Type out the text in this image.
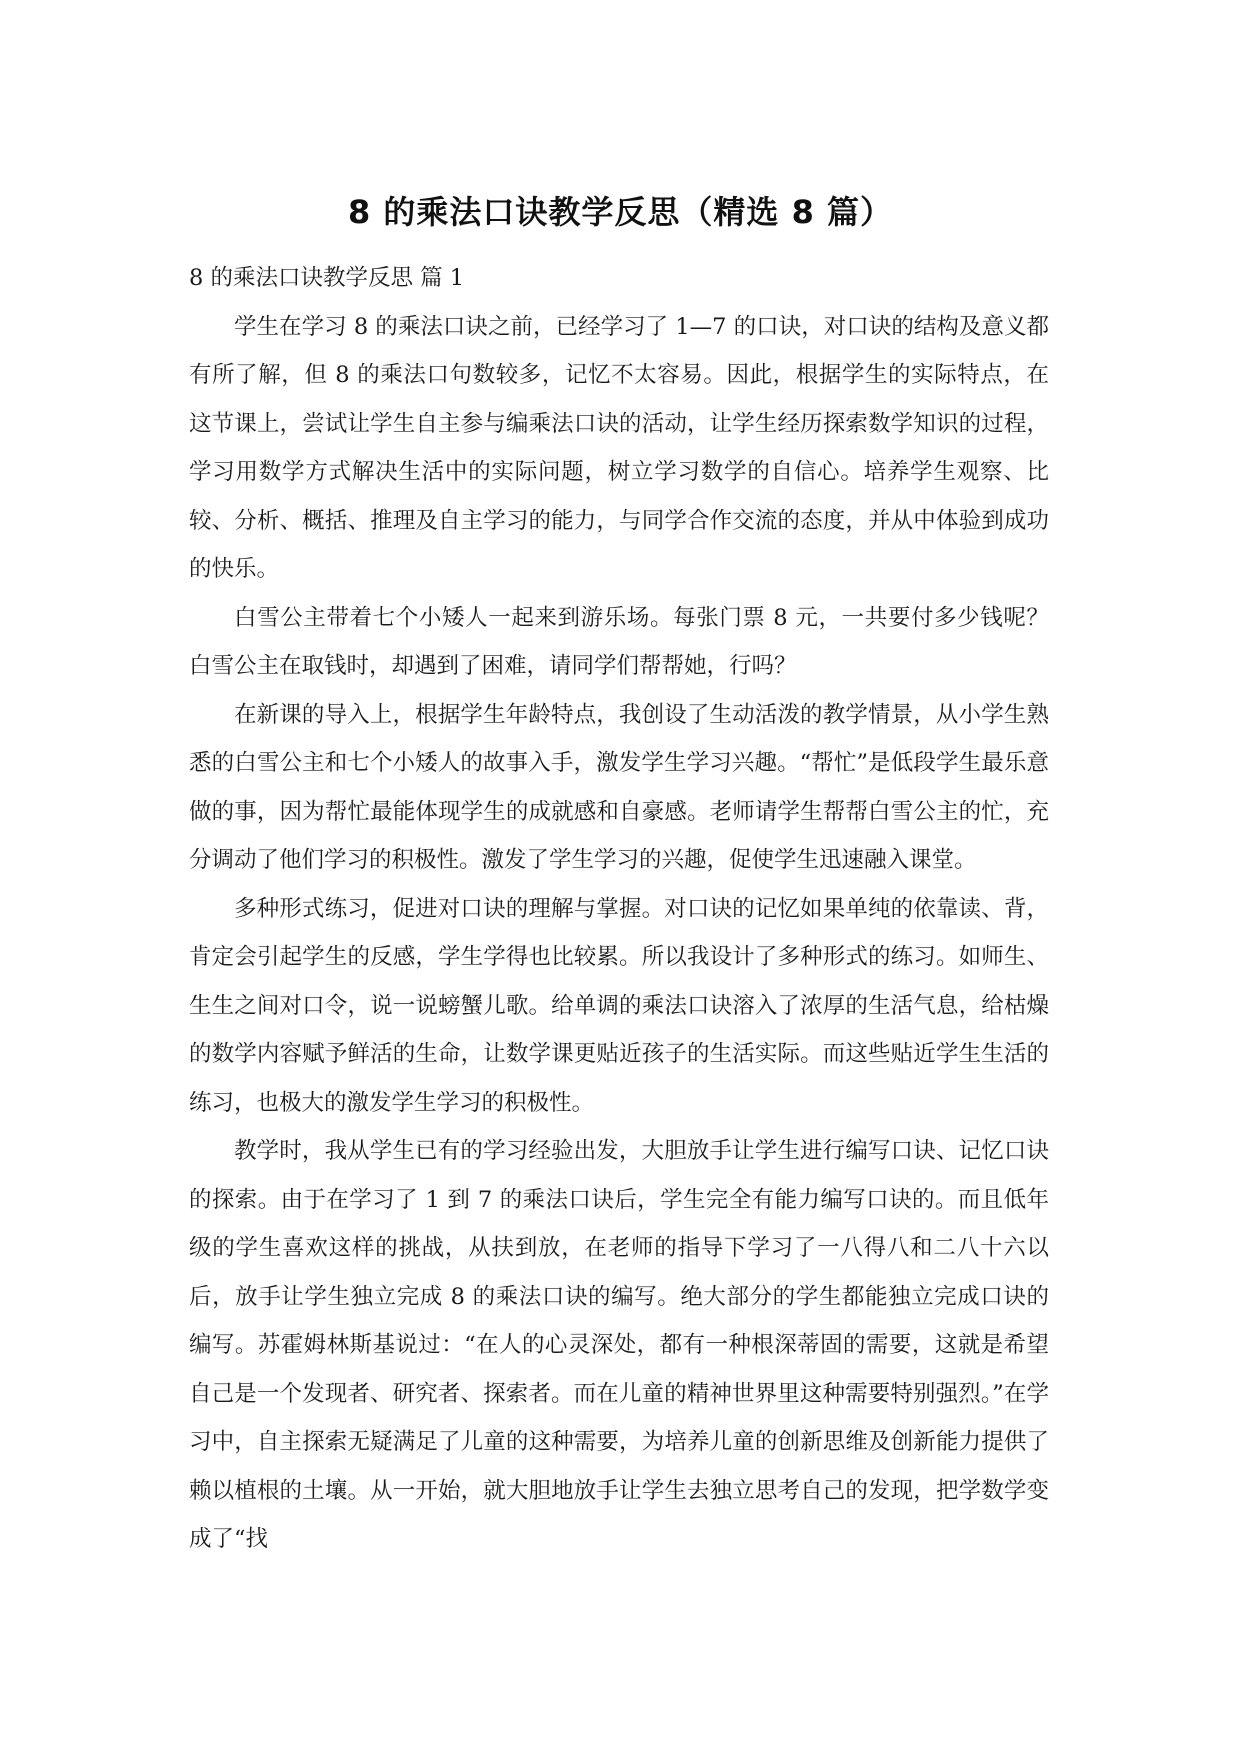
8 的乘法口诀教学反思（精选 8 篇）

8 的乘法口诀教学反思 篇 1

学生在学习 8 的乘法口诀之前，已经学习了 1—7 的口诀，对口诀的结构及意义都有所了解，但 8 的乘法口句数较多，记忆不太容易。因此，根据学生的实际特点，在这节课上，尝试让学生自主参与编乘法口诀的活动，让学生经历探索数学知识的过程，学习用数学方式解决生活中的实际问题，树立学习数学的自信心。培养学生观察、比较、分析、概括、推理及自主学习的能力，与同学合作交流的态度，并从中体验到成功的快乐。

白雪公主带着七个小矮人一起来到游乐场。每张门票 8 元，一共要付多少钱呢？白雪公主在取钱时，却遇到了困难，请同学们帮帮她，行吗？

在新课的导入上，根据学生年龄特点，我创设了生动活泼的教学情景，从小学生熟悉的白雪公主和七个小矮人的故事入手，激发学生学习兴趣。“帮忙”是低段学生最乐意做的事，因为帮忙最能体现学生的成就感和自豪感。老师请学生帮帮白雪公主的忙，充分调动了他们学习的积极性。激发了学生学习的兴趣，促使学生迅速融入课堂。

多种形式练习，促进对口诀的理解与掌握。对口诀的记忆如果单纯的依靠读、背，肯定会引起学生的反感，学生学得也比较累。所以我设计了多种形式的练习。如师生、生生之间对口令，说一说螃蟹儿歌。给单调的乘法口诀溶入了浓厚的生活气息，给枯燥的数学内容赋予鲜活的生命，让数学课更贴近孩子的生活实际。而这些贴近学生生活的练习，也极大的激发学生学习的积极性。

教学时，我从学生已有的学习经验出发，大胆放手让学生进行编写口诀、记忆口诀的探索。由于在学习了 1 到 7 的乘法口诀后，学生完全有能力编写口诀的。而且低年级的学生喜欢这样的挑战，从扶到放，在老师的指导下学习了一八得八和二八十六以后，放手让学生独立完成 8 的乘法口诀的编写。绝大部分的学生都能独立完成口诀的编写。苏霍姆林斯基说过：“在人的心灵深处，都有一种根深蒂固的需要，这就是希望自己是一个发现者、研究者、探索者。而在儿童的精神世界里这种需要特别强烈。”在学习中，自主探索无疑满足了儿童的这种需要，为培养儿童的创新思维及创新能力提供了赖以植根的土壤。从一开始，就大胆地放手让学生去独立思考自己的发现，把学数学变成了“找
